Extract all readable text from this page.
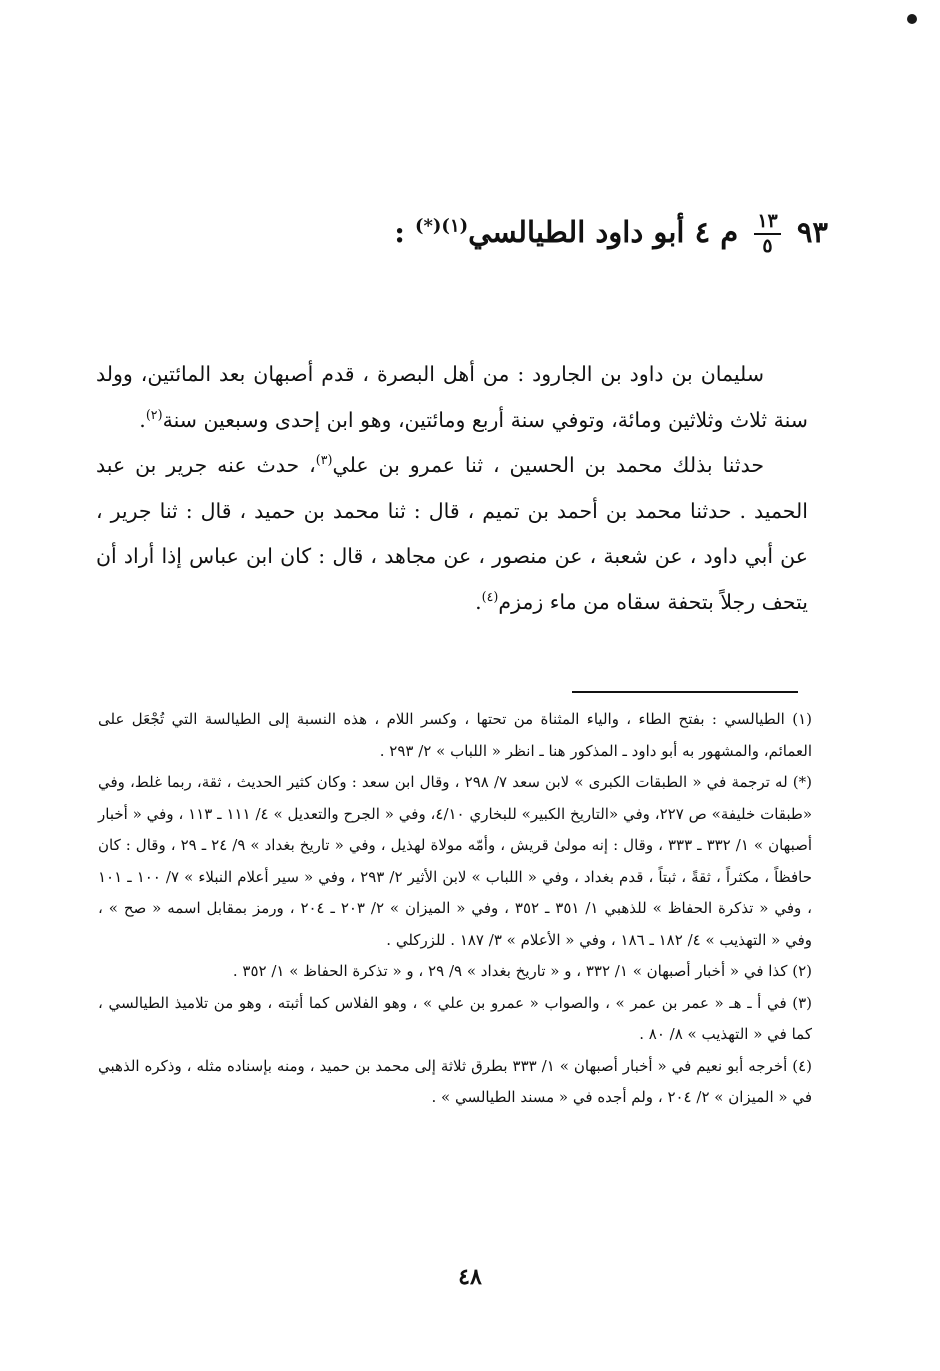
٩٣
$\frac{١٣}{٥}$
م ٤ أبو داود الطيالسي$^{(١)(*)}$ :

سليمان بن داود بن الجارود : من أهل البصرة ، قدم أصبهان بعد المائتين، وولد سنة ثلاث وثلاثين ومائة، وتوفي سنة أربع ومائتين، وهو ابن إحدى وسبعين سنة$^{(٢)}$.

حدثنا بذلك محمد بن الحسين ، ثنا عمرو بن علي$^{(٣)}$، حدث عنه جرير بن عبد الحميد . حدثنا محمد بن أحمد بن تميم ، قال : ثنا محمد بن حميد ، قال : ثنا جرير ، عن أبي داود ، عن شعبة ، عن منصور ، عن مجاهد ، قال : كان ابن عباس إذا أراد أن يتحف رجلاً بتحفة سقاه من ماء زمزم$^{(٤)}$.

(١) الطيالسي : بفتح الطاء ، والياء المثناة من تحتها ، وكسر اللام ، هذه النسبة إلى الطيالسة التي تُجْعَل على العمائم، والمشهور به أبو داود ـ المذكور هنا ـ انظر « اللباب » ٢/ ٢٩٣ .

(*) له ترجمة في « الطبقات الكبرى » لابن سعد ٧/ ٢٩٨ ، وقال ابن سعد : وكان كثير الحديث ، ثقة، ربما غلط، وفي «طبقات خليفة» ص ٢٢٧، وفي «التاريخ الكبير» للبخاري ٤/١٠، وفي « الجرح والتعديل » ٤/ ١١١ ـ ١١٣ ، وفي « أخبار أصبهان » ١/ ٣٣٢ ـ ٣٣٣ ، وقال : إنه مولىٰ قريش ، وأمّه مولاة لهذيل ، وفي « تاريخ بغداد » ٩/ ٢٤ ـ ٢٩ ، وقال : كان حافظاً ، مكثراً ، ثقةً ، ثبتاً ، قدم بغداد ، وفي « اللباب » لابن الأثير ٢/ ٢٩٣ ، وفي « سير أعلام النبلاء » ٧/ ١٠٠ ـ ١٠١ ، وفي « تذكرة الحفاظ » للذهبي ١/ ٣٥١ ـ ٣٥٢ ، وفي « الميزان » ٢/ ٢٠٣ ـ ٢٠٤ ، ورمز بمقابل اسمه « صح » ، وفي « التهذيب » ٤/ ١٨٢ ـ ١٨٦ ، وفي « الأعلام » ٣/ ١٨٧ . للزركلي .

(٢) كذا في « أخبار أصبهان » ١/ ٣٣٢ ، و « تاريخ بغداد » ٩/ ٢٩ ، و « تذكرة الحفاظ » ١/ ٣٥٢ .

(٣) في أ ـ هـ « عمر بن عمر » ، والصواب « عمرو بن علي » ، وهو الفلاس كما أثبته ، وهو من تلاميذ الطيالسي ، كما في « التهذيب » ٨/ ٨٠ .

(٤) أخرجه أبو نعيم في « أخبار أصبهان » ١/ ٣٣٣ بطرق ثلاثة إلى محمد بن حميد ، ومنه بإسناده مثله ، وذكره الذهبي في « الميزان » ٢/ ٢٠٤ ، ولم أجده في « مسند الطيالسي » .

٤٨
